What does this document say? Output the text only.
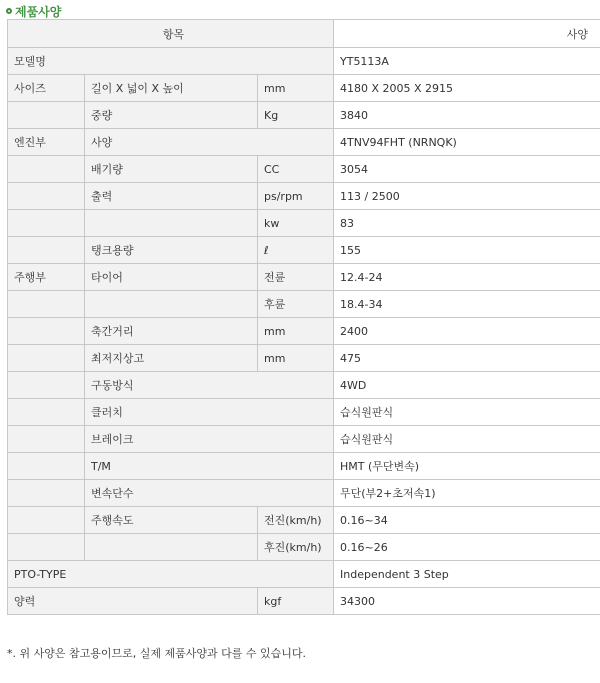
제품사양
항목			사양
모델명			YT5113A
사이즈	길이 X 넓이 X 높이	mm	4180 X 2005 X 2915
	중량	Kg	3840
엔진부	사양		4TNV94FHT (NRNQK)
	배기량	CC	3054
	출력	ps/rpm	113 / 2500
		kw	83
	탱크용량	ℓ	155
주행부	타이어	전륜	12.4-24
		후륜	18.4-34
	축간거리	mm	2400
	최저지상고	mm	475
	구동방식		4WD
	클러치		습식원판식
	브레이크		습식원판식
	T/M		HMT (무단변속)
	변속단수		무단(부2+초저속1)
	주행속도	전진(km/h)	0.16~34
		후진(km/h)	0.16~26
PTO-TYPE			Independent 3 Step
양력		kgf	34300
*. 위 사양은 참고용이므로, 실제 제품사양과 다를 수 있습니다.
